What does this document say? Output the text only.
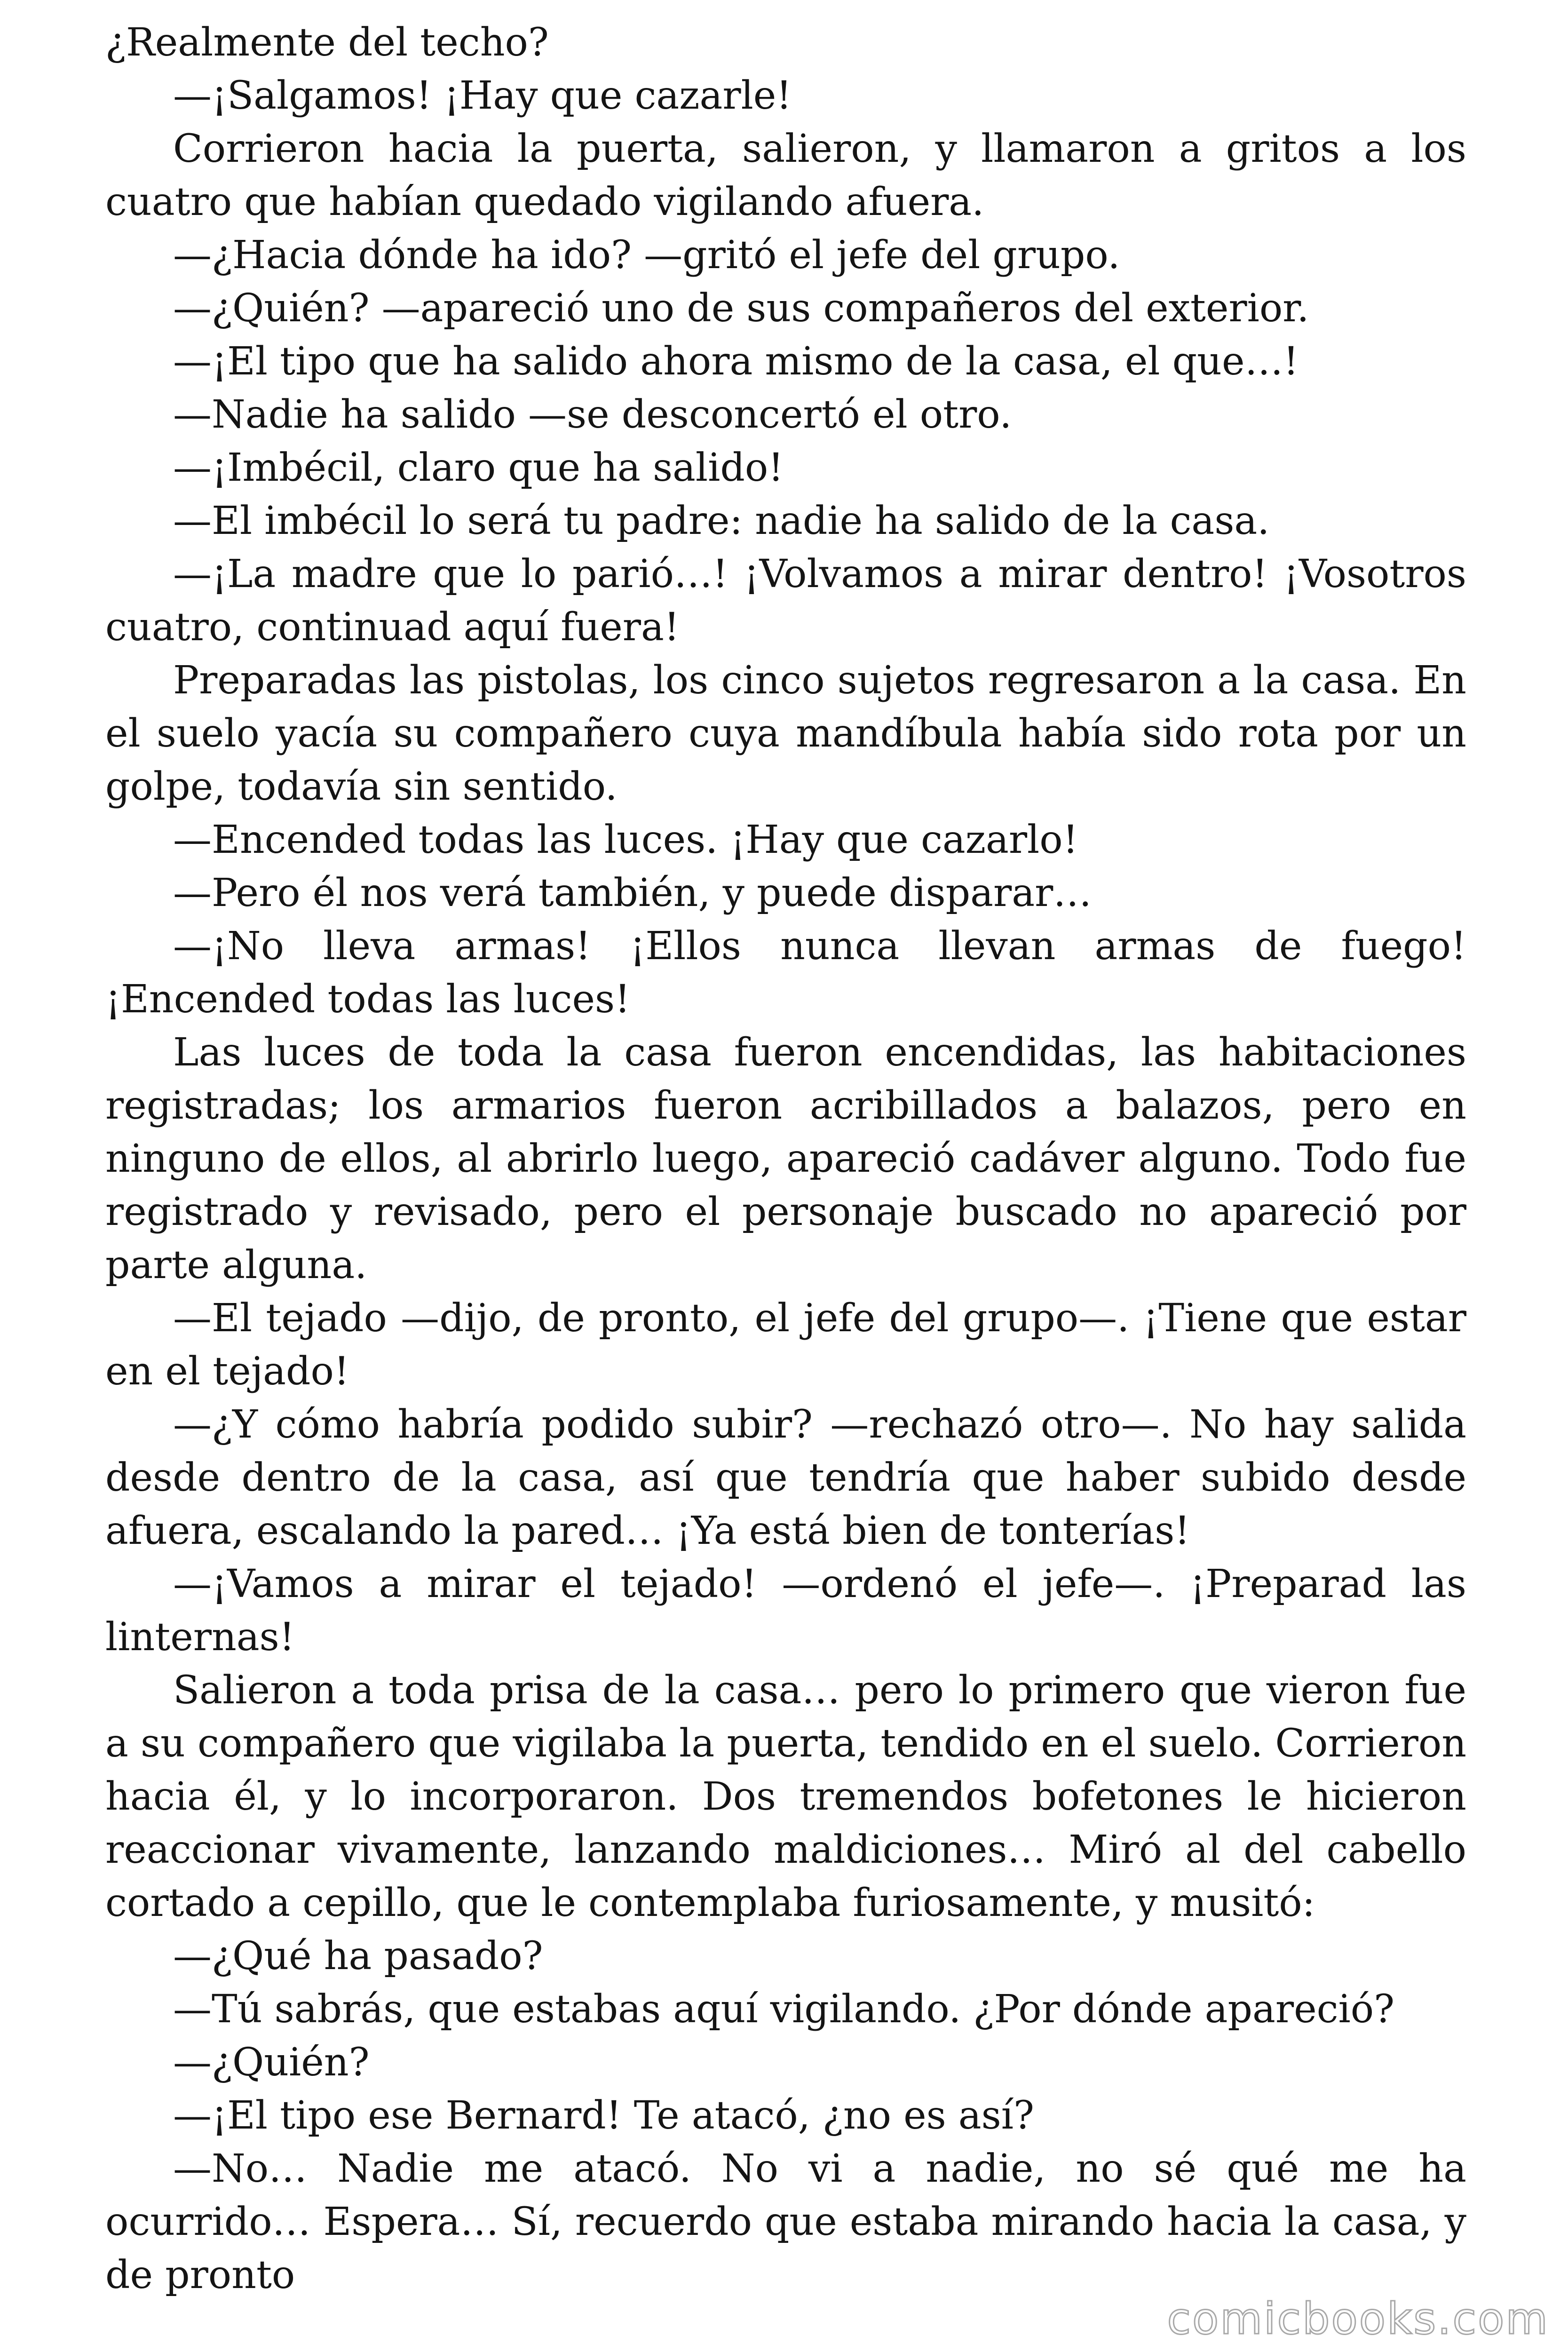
¿Realmente del techo?

—¡Salgamos! ¡Hay que cazarle!

Corrieron hacia la puerta, salieron, y llamaron a gritos a los cuatro que habían quedado vigilando afuera.

—¿Hacia dónde ha ido? —gritó el jefe del grupo.

—¿Quién? —apareció uno de sus compañeros del exterior.

—¡El tipo que ha salido ahora mismo de la casa, el que…!

—Nadie ha salido —se desconcertó el otro.

—¡Imbécil, claro que ha salido!

—El imbécil lo será tu padre: nadie ha salido de la casa.

—¡La madre que lo parió…! ¡Volvamos a mirar dentro! ¡Vosotros cuatro, continuad aquí fuera!

Preparadas las pistolas, los cinco sujetos regresaron a la casa. En el suelo yacía su compañero cuya mandíbula había sido rota por un golpe, todavía sin sentido.

—Encended todas las luces. ¡Hay que cazarlo!

—Pero él nos verá también, y puede disparar…

—¡No lleva armas! ¡Ellos nunca llevan armas de fuego! ¡Encended todas las luces!

Las luces de toda la casa fueron encendidas, las habitaciones registradas; los armarios fueron acribillados a balazos, pero en ninguno de ellos, al abrirlo luego, apareció cadáver alguno. Todo fue registrado y revisado, pero el personaje buscado no apareció por parte alguna.

—El tejado —dijo, de pronto, el jefe del grupo—. ¡Tiene que estar en el tejado!

—¿Y cómo habría podido subir? —rechazó otro—. No hay salida desde dentro de la casa, así que tendría que haber subido desde afuera, escalando la pared… ¡Ya está bien de tonterías!

—¡Vamos a mirar el tejado! —ordenó el jefe—. ¡Preparad las linternas!

Salieron a toda prisa de la casa… pero lo primero que vieron fue a su compañero que vigilaba la puerta, tendido en el suelo. Corrieron hacia él, y lo incorporaron. Dos tremendos bofetones le hicieron reaccionar vivamente, lanzando maldiciones… Miró al del cabello cortado a cepillo, que le contemplaba furiosamente, y musitó:

—¿Qué ha pasado?

—Tú sabrás, que estabas aquí vigilando. ¿Por dónde apareció?

—¿Quién?

—¡El tipo ese Bernard! Te atacó, ¿no es así?

—No… Nadie me atacó. No vi a nadie, no sé qué me ha ocurrido… Espera… Sí, recuerdo que estaba mirando hacia la casa, y de pronto

comicbooks.com
